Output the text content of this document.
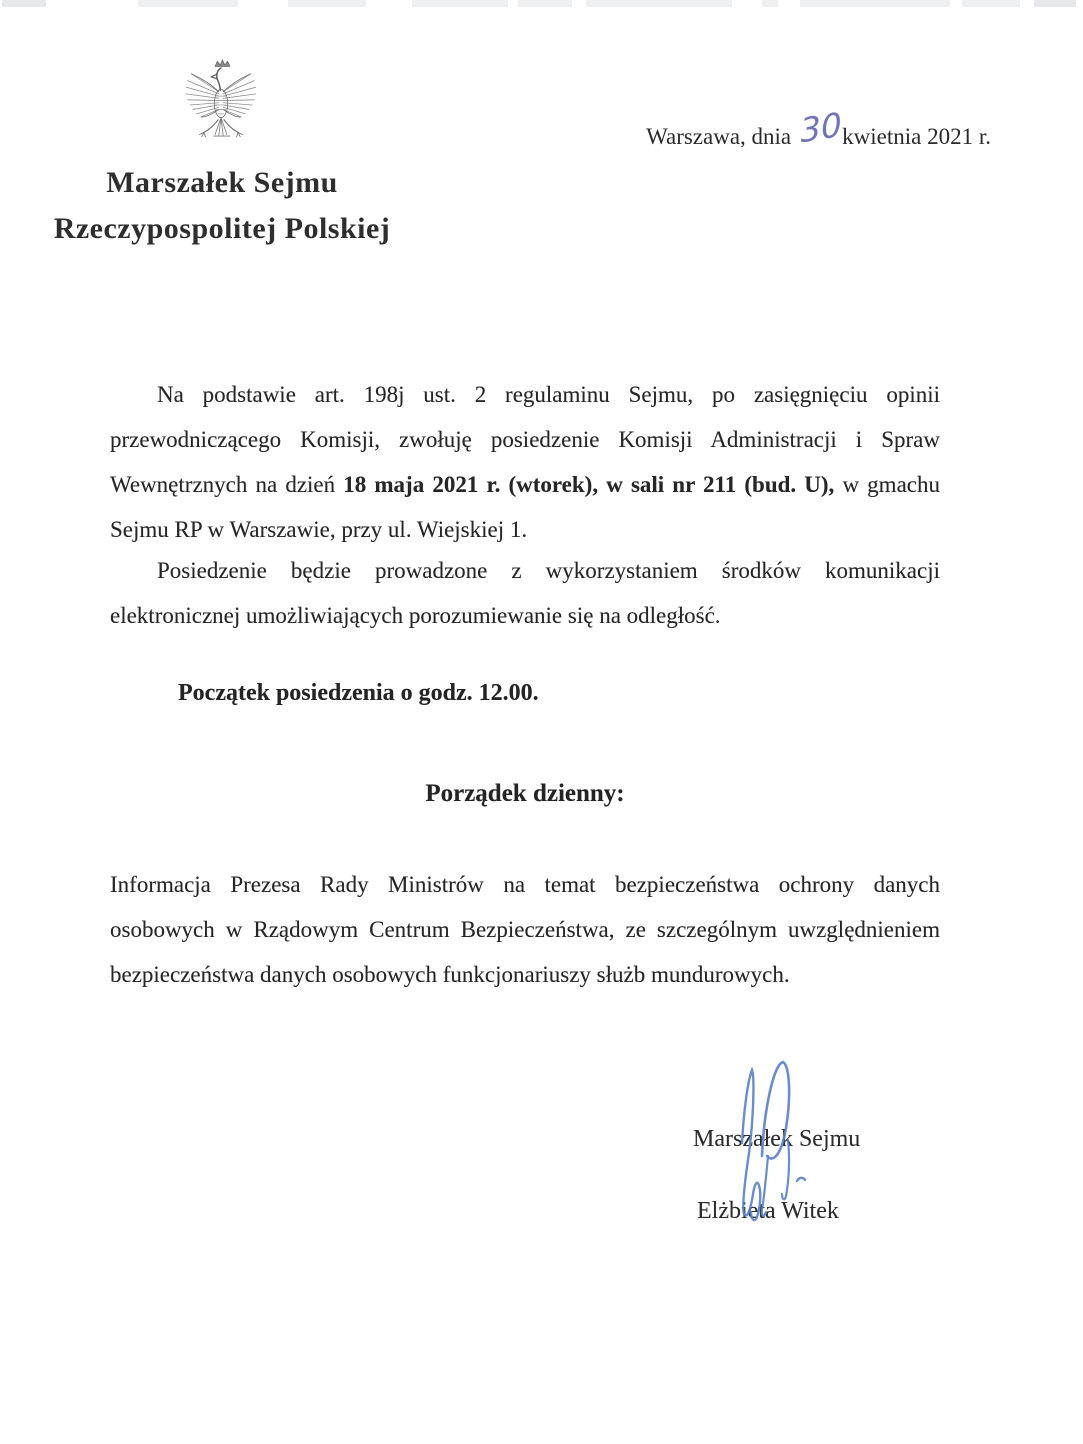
Marszałek Sejmu
Rzeczypospolitej Polskiej
Warszawa, dnia 30kwietnia 2021 r.
Na podstawie art. 198j ust. 2 regulaminu Sejmu, po zasięgnięciu opinii przewodniczącego Komisji, zwołuję posiedzenie Komisji Administracji i Spraw Wewnętrznych na dzień 18 maja 2021 r. (wtorek), w sali nr 211 (bud. U), w gmachu Sejmu RP w Warszawie, przy ul. Wiejskiej 1.
Posiedzenie będzie prowadzone z wykorzystaniem środków komunikacji elektronicznej umożliwiających porozumiewanie się na odległość.
Początek posiedzenia o godz. 12.00.
Porządek dzienny:
Informacja Prezesa Rady Ministrów na temat bezpieczeństwa ochrony danych osobowych w Rządowym Centrum Bezpieczeństwa, ze szczególnym uwzględnieniem bezpieczeństwa danych osobowych funkcjonariuszy służb mundurowych.
Marszałek Sejmu
Elżbieta Witek
